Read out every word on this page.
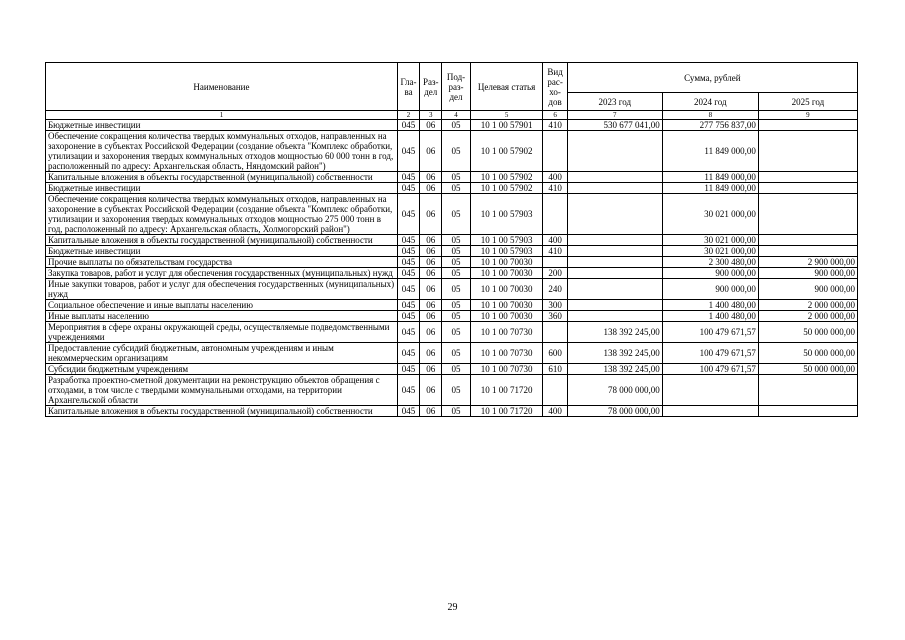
Наименование	Гла-ва	Раз-дел	Под-раз-дел	Целевая статья	Вид рас-хо-дов	Сумма, рублей		
						2023 год	2024 год	2025 год
1	2	3	4	5	6	7	8	9
Бюджетные инвестиции	045	06	05	10 1 00 57901	410	530 677 041,00	277 756 837,00	
Обеспечение сокращения количества твердых коммунальных отходов, направленных на захоронение в субъектах Российской Федерации (создание объекта "Комплекс обработки, утилизации и захоронения твердых коммунальных отходов мощностью 60 000 тонн в год, расположенный по адресу: Архангельская область, Няндомский район")	045	06	05	10 1 00 57902			11 849 000,00	
Капитальные вложения в объекты государственной (муниципальной) собственности	045	06	05	10 1 00 57902	400		11 849 000,00	
Бюджетные инвестиции	045	06	05	10 1 00 57902	410		11 849 000,00	
Обеспечение сокращения количества твердых коммунальных отходов, направленных на захоронение в субъектах Российской Федерации (создание объекта "Комплекс обработки, утилизации и захоронения твердых коммунальных отходов мощностью 275 000 тонн в год, расположенный по адресу: Архангельская область, Холмогорский район")	045	06	05	10 1 00 57903			30 021 000,00	
Капитальные вложения в объекты государственной (муниципальной) собственности	045	06	05	10 1 00 57903	400		30 021 000,00	
Бюджетные инвестиции	045	06	05	10 1 00 57903	410		30 021 000,00	
Прочие выплаты по обязательствам государства	045	06	05	10 1 00 70030			2 300 480,00	2 900 000,00
Закупка товаров, работ и услуг для обеспечения государственных (муниципальных) нужд	045	06	05	10 1 00 70030	200		900 000,00	900 000,00
Иные закупки товаров, работ и услуг для обеспечения государственных (муниципальных) нужд	045	06	05	10 1 00 70030	240		900 000,00	900 000,00
Социальное обеспечение и иные выплаты населению	045	06	05	10 1 00 70030	300		1 400 480,00	2 000 000,00
Иные выплаты населению	045	06	05	10 1 00 70030	360		1 400 480,00	2 000 000,00
Мероприятия в сфере охраны окружающей среды, осуществляемые подведомственными учреждениями	045	06	05	10 1 00 70730		138 392 245,00	100 479 671,57	50 000 000,00
Предоставление субсидий бюджетным, автономным учреждениям и иным некоммерческим организациям	045	06	05	10 1 00 70730	600	138 392 245,00	100 479 671,57	50 000 000,00
Субсидии бюджетным учреждениям	045	06	05	10 1 00 70730	610	138 392 245,00	100 479 671,57	50 000 000,00
Разработка проектно-сметной документации на реконструкцию объектов обращения с отходами, в том числе с твердыми коммунальными отходами, на территории Архангельской области	045	06	05	10 1 00 71720		78 000 000,00		
Капитальные вложения в объекты государственной (муниципальной) собственности	045	06	05	10 1 00 71720	400	78 000 000,00		
29
